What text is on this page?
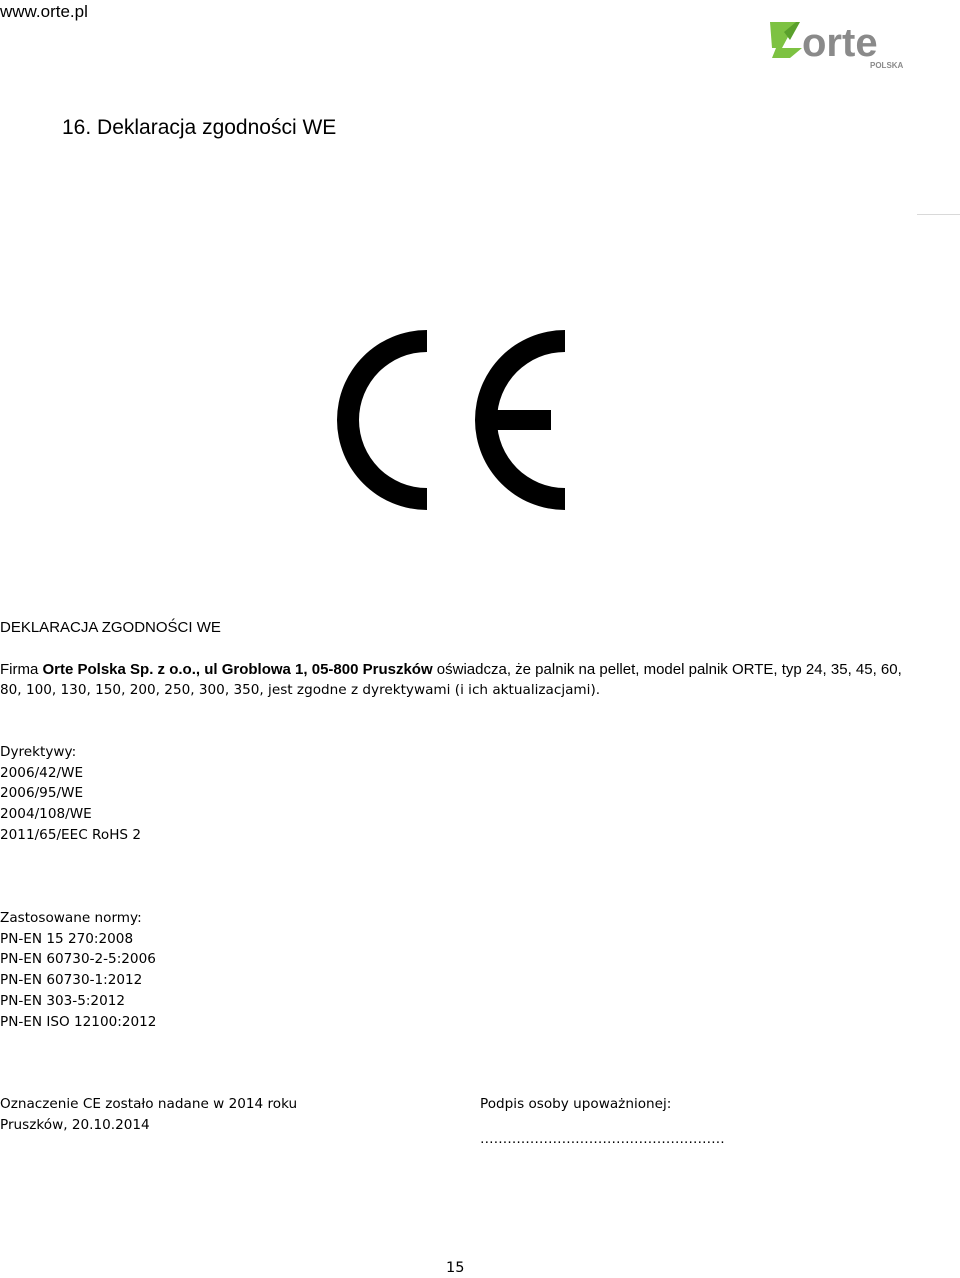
www.orte.pl
orte
POLSKA
16. Deklaracja zgodności WE
DEKLARACJA ZGODNOŚCI WE
Firma Orte Polska Sp. z o.o., ul Groblowa 1, 05-800 Pruszków oświadcza, że palnik na pellet, model palnik ORTE, typ 24, 35, 45, 60,
80, 100, 130, 150, 200, 250, 300, 350, jest zgodne z dyrektywami (i ich aktualizacjami).
Dyrektywy:
2006/42/WE
2006/95/WE
2004/108/WE
2011/65/EEC RoHS 2
Zastosowane normy:
PN-EN 15 270:2008
PN-EN 60730-2-5:2006
PN-EN 60730-1:2012
PN-EN 303-5:2012
PN-EN ISO 12100:2012
Oznaczenie CE zostało nadane w 2014 roku
Pruszków, 20.10.2014
Podpis osoby upoważnionej:
………………………………………………
15
